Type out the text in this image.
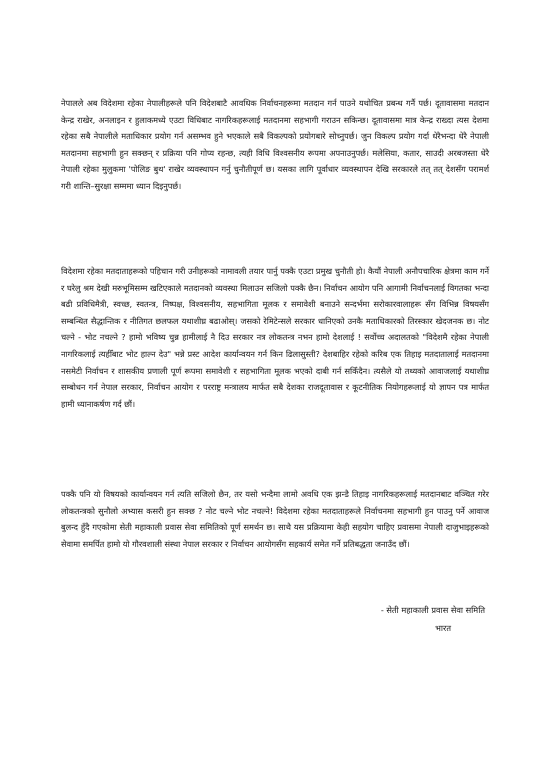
नेपालले अब विदेशमा रहेका नेपालीहरूले पनि विदेशबाटै आवधिक निर्वाचनहरूमा मतदान गर्न पाउने यथोचित प्रबन्ध गर्नै पर्छ। दूतावासमा मतदान केन्द्र राखेर, अनलाइन र हुलाकमध्ये एउटा विधिबाट नागरिकहरूलाई मतदानमा सहभागी गराउन सकिन्छ। दूतावासमा मात्र केन्द्र राख्दा त्यस देशमा रहेका सबै नेपालीले मताधिकार प्रयोग गर्न असम्भव हुने भएकाले सबै विकल्पको प्रयोगबारे सोच्नुपर्छ। जुन विकल्प प्रयोग गर्दा धेरैभन्दा धेरै नेपाली मतदानमा सहभागी हुन सक्छन् र प्रक्रिया पनि गोप्य रहन्छ, त्यही विधि विश्वसनीय रूपमा अपनाउनुपर्छ। मलेसिया, कतार, साउदी अरबजस्ता धेरै नेपाली रहेका मुलुकमा 'पोलिङ बुथ' राखेर व्यवस्थापन गर्नु चुनौतीपूर्ण छ। यसका लागि पूर्वाधार व्यवस्थापन देखि सरकारले तत् तत् देशसँग परामर्श गरी शान्ति–सुरक्षा सम्ममा ध्यान दिइनुपर्छ।

विदेशमा रहेका मतदाताहरूको पहिचान गरी उनीहरूको नामावली तयार पार्नु पक्कै एउटा प्रमुख चुनौती हो। कैयौं नेपाली अनौपचारिक क्षेत्रमा काम गर्ने र घरेलु श्रम देखी मरुभूमिसम्म खटिएकाले मतदानको व्यवस्था मिलाउन सजिलो पक्कै छैन। निर्वाचन आयोग पनि आगामी निर्वाचनलाई विगतका भन्दा बढी प्रविधिमैत्री, स्वच्छ, स्वतन्त्र, निष्पक्ष, विश्वसनीय, सहभागिता मूलक र समावेशी बनाउने सन्दर्भमा सरोकारवालाहरू सँग विभिन्न विषयसँग सम्बन्धित सैद्धान्तिक र नीतिगत छलफल यथाशीघ्र बढाओस्। जसको रेमिटेन्सले सरकार धानिएको उनकै मताधिकारको तिरस्कार खेदजनक छ। नोट चल्ने - भोट नचल्ने ? हामो भविष्य चुन्न हामीलाई नै दिउ सरकार नत्र लोकतन्त्र नभन हामो देशलाई ! सर्वोच्च अदालतको "विदेशमै रहेका नेपाली नागरिकलाई त्यहीँबाट भोट हाल्न देउ" भन्ने प्रस्ट आदेश कार्यान्वयन गर्न किन ढिलासुस्ती? देशबाहिर रहेको करिब एक तिहाइ मतदातालाई मतदानमा नसमेटी निर्वाचन र शासकीय प्रणाली पूर्ण रूपमा समावेशी र सहभागिता मूलक भएको दाबी गर्न सकिँदैन। त्यसैले यो तथ्यको आवाजलाई यथाशीघ्र सम्बोधन गर्न नेपाल सरकार, निर्वाचन आयोग र परराष्ट्र मन्त्रालय मार्फत सबै देशका राजदूतावास र कूटनीतिक नियोगहरूलाई यो ज्ञापन पत्र मार्फत हामी ध्यानाकर्षण गर्द छौं।

पक्कै पनि यो विषयको कार्यान्वयन गर्न त्यति सजिलो छैन, तर यसो भन्दैमा लामो अवधि एक झन्डै तिहाइ नागरिकहरूलाई मतदानबाट वञ्चित गरेर लोकतन्त्रको सुनौलो अभ्यास कसरी हुन सक्छ ? नोट चल्ने भोट नचल्ने! विदेशमा रहेका मतदाताहरूले निर्वाचनमा सहभागी हुन पाउनु पर्ने आवाज बुलन्द हुँदै गएकोमा सेती महाकाली प्रवास सेवा समितिको पूर्ण समर्थन छ। साथै यस प्रक्रियामा केही सहयोग चाहिए प्रवासमा नेपाली दाजुभाइहरूको सेवामा समर्पित हामो यो गौरवशाली संस्था नेपाल सरकार र निर्वाचन आयोगसँग सहकार्य समेत गर्ने प्रतिबद्धता जनाउँद छौं।

- सेती महाकाली प्रवास सेवा समिति
भारत
